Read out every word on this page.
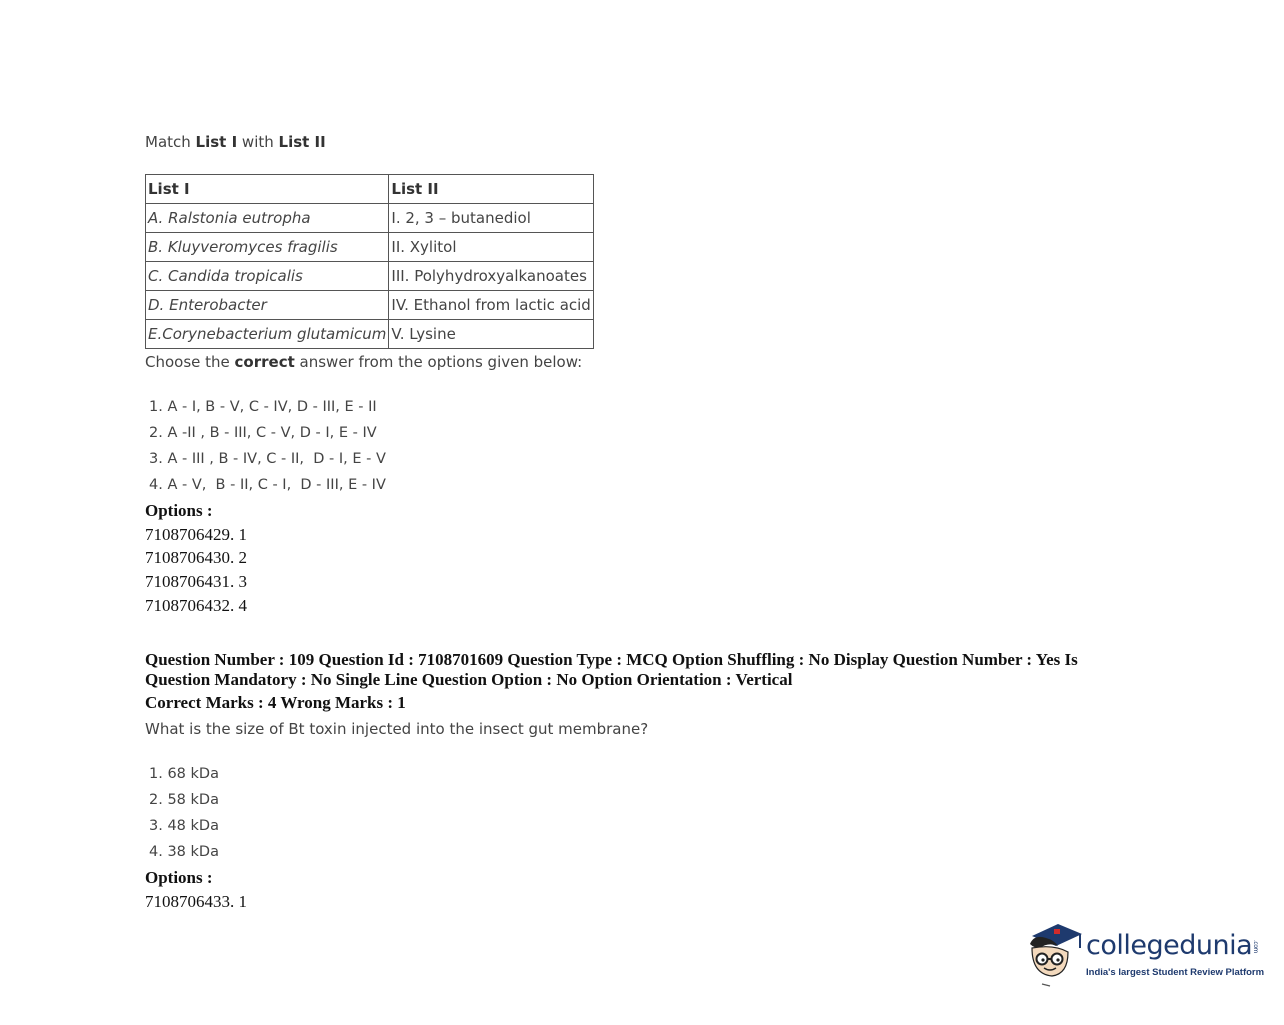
Match List I with List II
List I	List II
A. Ralstonia eutropha	I. 2, 3 – butanediol
B. Kluyveromyces fragilis	II. Xylitol
C. Candida tropicalis	III. Polyhydroxyalkanoates
D. Enterobacter	IV. Ethanol from lactic acid
E.Corynebacterium glutamicum	V. Lysine
Choose the correct answer from the options given below:
1. A - I, B - V, C - IV, D - III, E - II
2. A -II , B - III, C - V, D - I, E - IV
3. A - III , B - IV, C - II,  D - I, E - V
4. A - V,  B - II, C - I,  D - III, E - IV
Options :
7108706429. 1
7108706430. 2
7108706431. 3
7108706432. 4
Question Number : 109 Question Id : 7108701609 Question Type : MCQ Option Shuffling : No Display Question Number : Yes Is Question Mandatory : No Single Line Question Option : No Option Orientation : Vertical
Correct Marks : 4 Wrong Marks : 1
What is the size of Bt toxin injected into the insect gut membrane?
1. 68 kDa
2. 58 kDa
3. 48 kDa
4. 38 kDa
Options :
7108706433. 1
collegedunia.com
India's largest Student Review Platform
